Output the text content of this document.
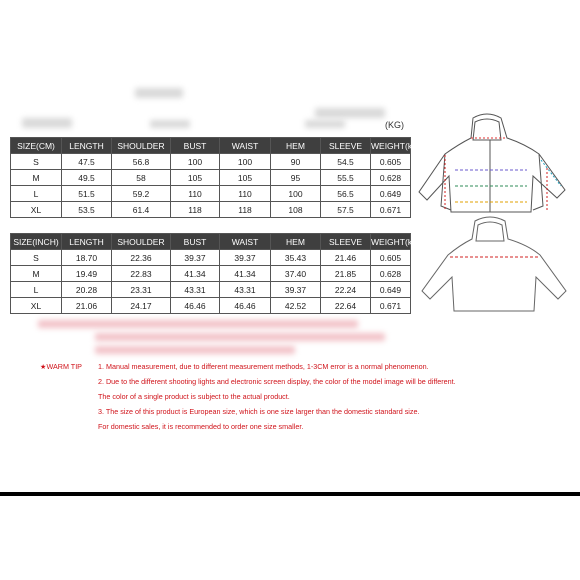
(KG)
SIZE(CM)	LENGTH	SHOULDER	BUST	WAIST	HEM	SLEEVE	WEIGHT(kg)
S	47.5	56.8	100	100	90	54.5	0.605
M	49.5	58	105	105	95	55.5	0.628
L	51.5	59.2	110	110	100	56.5	0.649
XL	53.5	61.4	118	118	108	57.5	0.671
SIZE(INCH)	LENGTH	SHOULDER	BUST	WAIST	HEM	SLEEVE	WEIGHT(kg)
S	18.70	22.36	39.37	39.37	35.43	21.46	0.605
M	19.49	22.83	41.34	41.34	37.40	21.85	0.628
L	20.28	23.31	43.31	43.31	39.37	22.24	0.649
XL	21.06	24.17	46.46	46.46	42.52	22.64	0.671
★WARM TIP 1. Manual measurement, due to different measurement methods, 1-3CM error is a normal phenomenon.
2. Due to the different shooting lights and electronic screen display, the color of the model image will be different.
The color of a single product is subject to the actual product.
3. The size of this product is European size, which is one size larger than the domestic standard size.
For domestic sales, it is recommended to order one size smaller.
